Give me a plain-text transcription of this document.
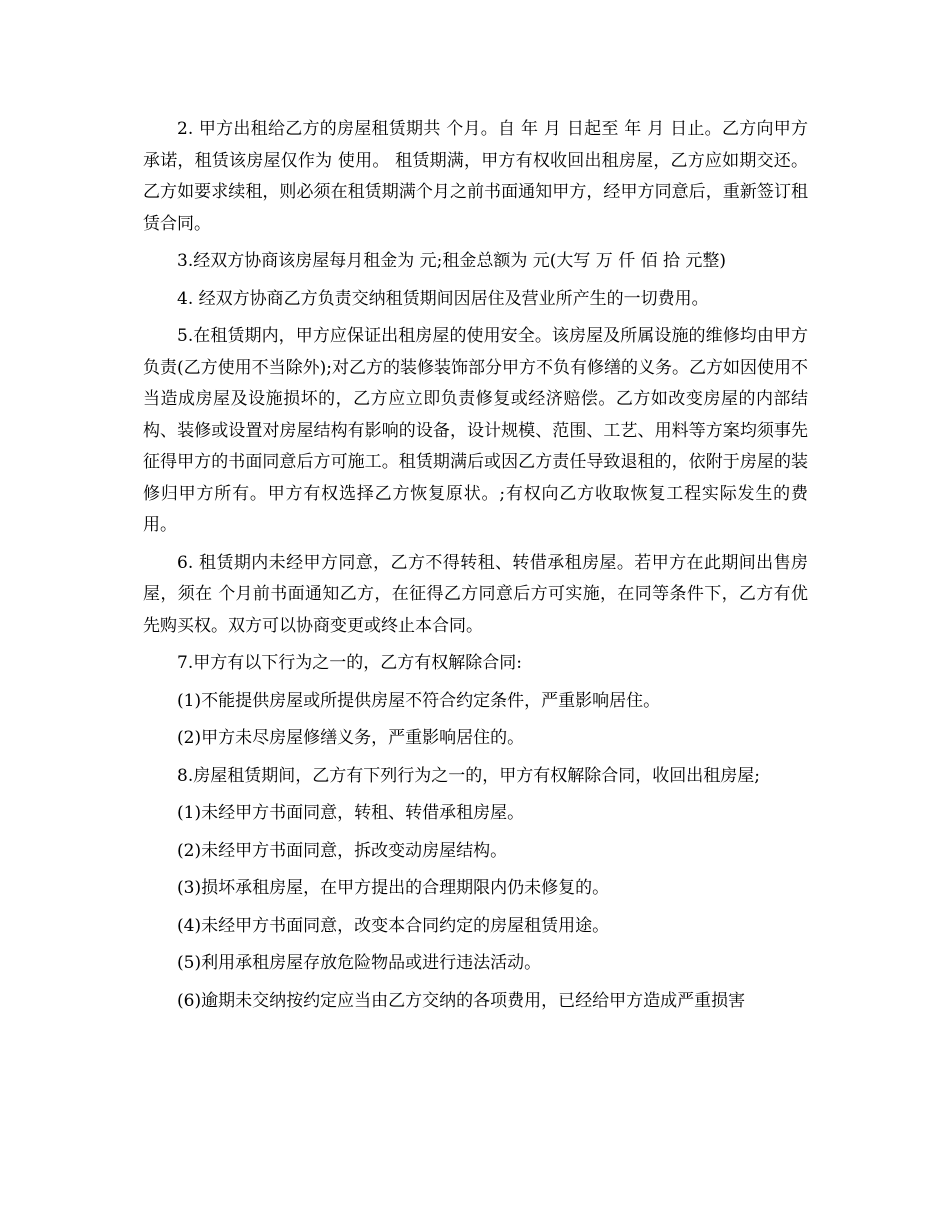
2. 甲方出租给乙方的房屋租赁期共 个月。自 年 月 日起至 年 月 日止。乙方向甲方承诺，租赁该房屋仅作为 使用。 租赁期满，甲方有权收回出租房屋，乙方应如期交还。乙方如要求续租，则必须在租赁期满个月之前书面通知甲方，经甲方同意后，重新签订租赁合同。

3.经双方协商该房屋每月租金为 元;租金总额为 元(大写 万 仟 佰 拾 元整)

4. 经双方协商乙方负责交纳租赁期间因居住及营业所产生的一切费用。

5.在租赁期内，甲方应保证出租房屋的使用安全。该房屋及所属设施的维修均由甲方负责(乙方使用不当除外);对乙方的装修装饰部分甲方不负有修缮的义务。乙方如因使用不当造成房屋及设施损坏的，乙方应立即负责修复或经济赔偿。乙方如改变房屋的内部结构、装修或设置对房屋结构有影响的设备，设计规模、范围、工艺、用料等方案均须事先征得甲方的书面同意后方可施工。租赁期满后或因乙方责任导致退租的，依附于房屋的装修归甲方所有。甲方有权选择乙方恢复原状。;有权向乙方收取恢复工程实际发生的费用。

6. 租赁期内未经甲方同意，乙方不得转租、转借承租房屋。若甲方在此期间出售房屋，须在 个月前书面通知乙方，在征得乙方同意后方可实施，在同等条件下，乙方有优先购买权。双方可以协商变更或终止本合同。

7.甲方有以下行为之一的，乙方有权解除合同:

(1)不能提供房屋或所提供房屋不符合约定条件，严重影响居住。

(2)甲方未尽房屋修缮义务，严重影响居住的。

8.房屋租赁期间，乙方有下列行为之一的，甲方有权解除合同，收回出租房屋;

(1)未经甲方书面同意，转租、转借承租房屋。

(2)未经甲方书面同意，拆改变动房屋结构。

(3)损坏承租房屋，在甲方提出的合理期限内仍未修复的。

(4)未经甲方书面同意，改变本合同约定的房屋租赁用途。

(5)利用承租房屋存放危险物品或进行违法活动。

(6)逾期未交纳按约定应当由乙方交纳的各项费用，已经给甲方造成严重损害
